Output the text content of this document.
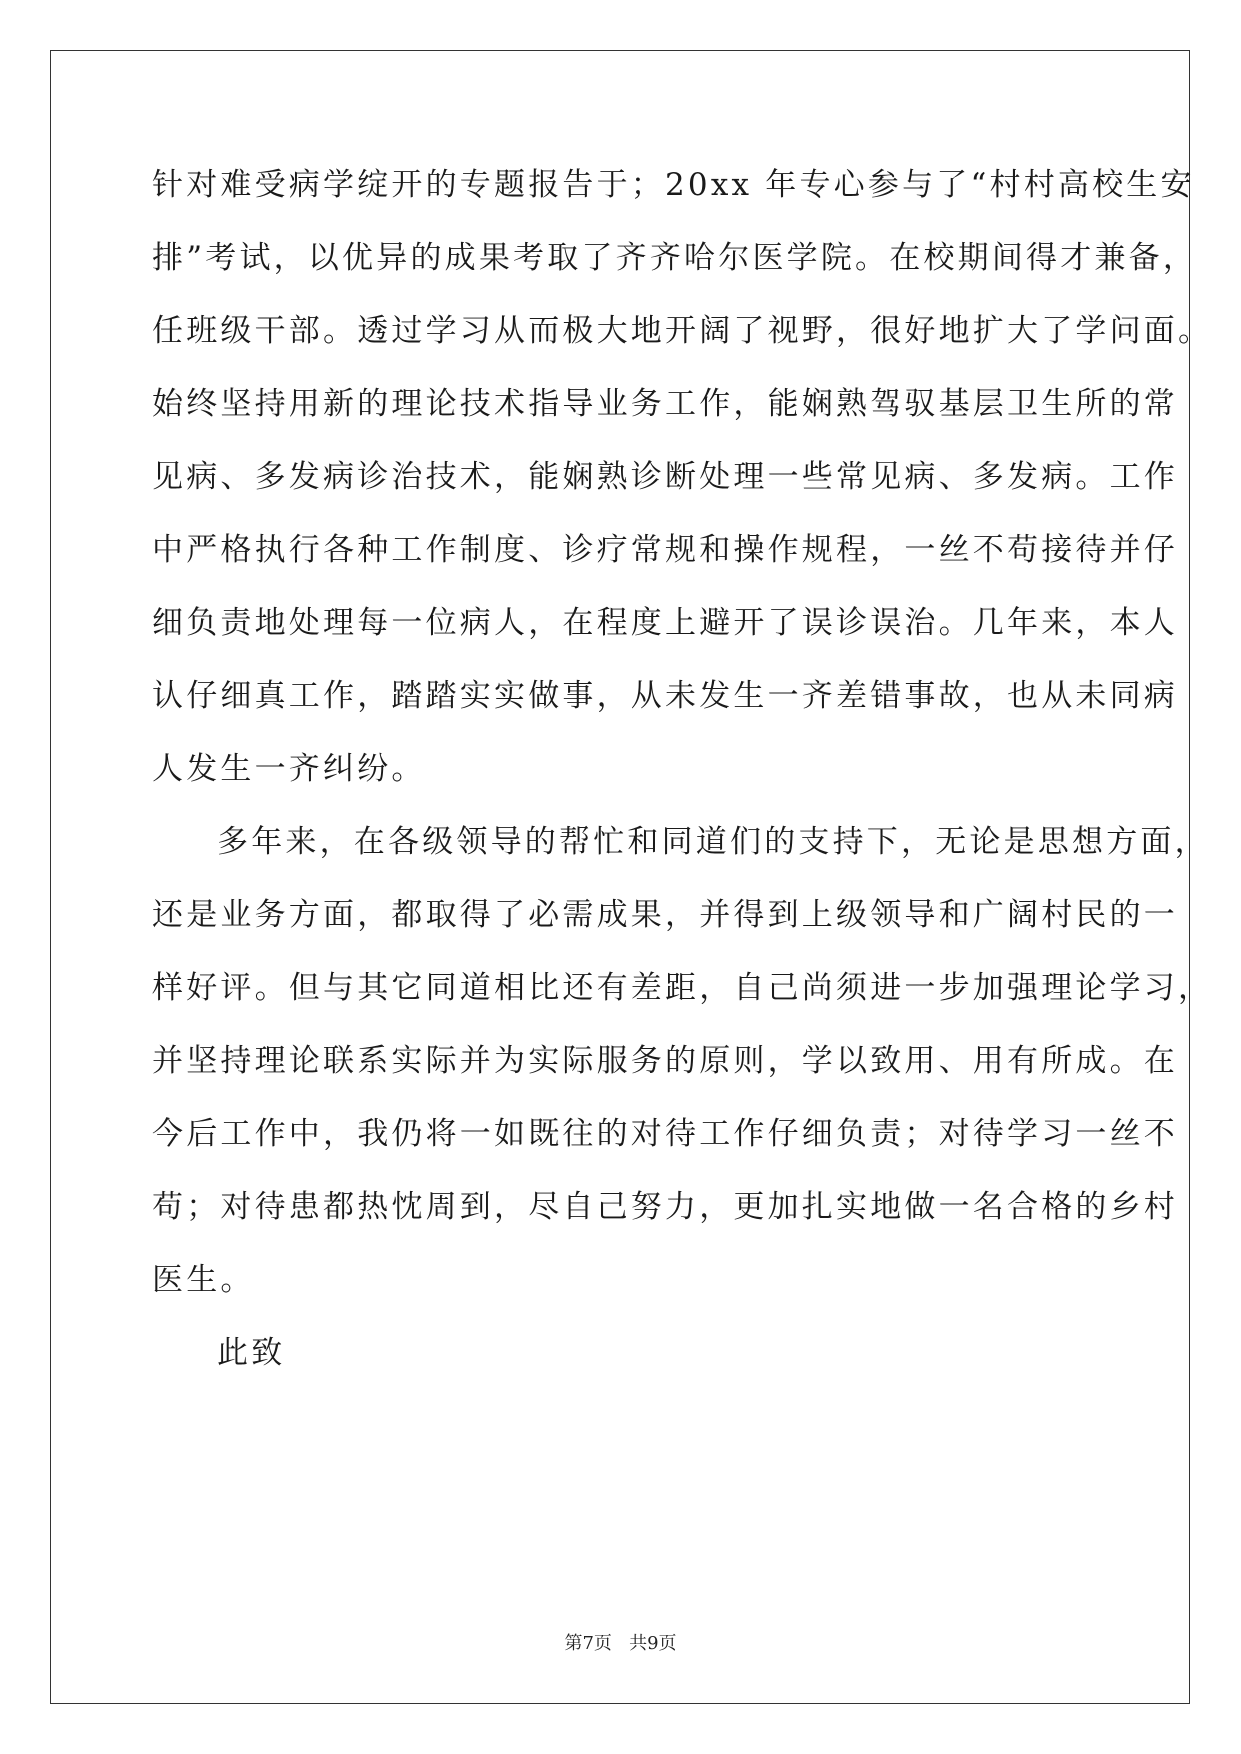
针对难受病学绽开的专题报告于；20xx 年专心参与了“村村高校生安
排”考试，以优异的成果考取了齐齐哈尔医学院。在校期间得才兼备，
任班级干部。透过学习从而极大地开阔了视野，很好地扩大了学问面。
始终坚持用新的理论技术指导业务工作，能娴熟驾驭基层卫生所的常
见病、多发病诊治技术，能娴熟诊断处理一些常见病、多发病。工作
中严格执行各种工作制度、诊疗常规和操作规程，一丝不苟接待并仔
细负责地处理每一位病人，在程度上避开了误诊误治。几年来，本人
认仔细真工作，踏踏实实做事，从未发生一齐差错事故，也从未同病
人发生一齐纠纷。
多年来，在各级领导的帮忙和同道们的支持下，无论是思想方面，
还是业务方面，都取得了必需成果，并得到上级领导和广阔村民的一
样好评。但与其它同道相比还有差距，自己尚须进一步加强理论学习，
并坚持理论联系实际并为实际服务的原则，学以致用、用有所成。在
今后工作中，我仍将一如既往的对待工作仔细负责；对待学习一丝不
苟；对待患都热忱周到，尽自己努力，更加扎实地做一名合格的乡村
医生。
此致
第7页 共9页
